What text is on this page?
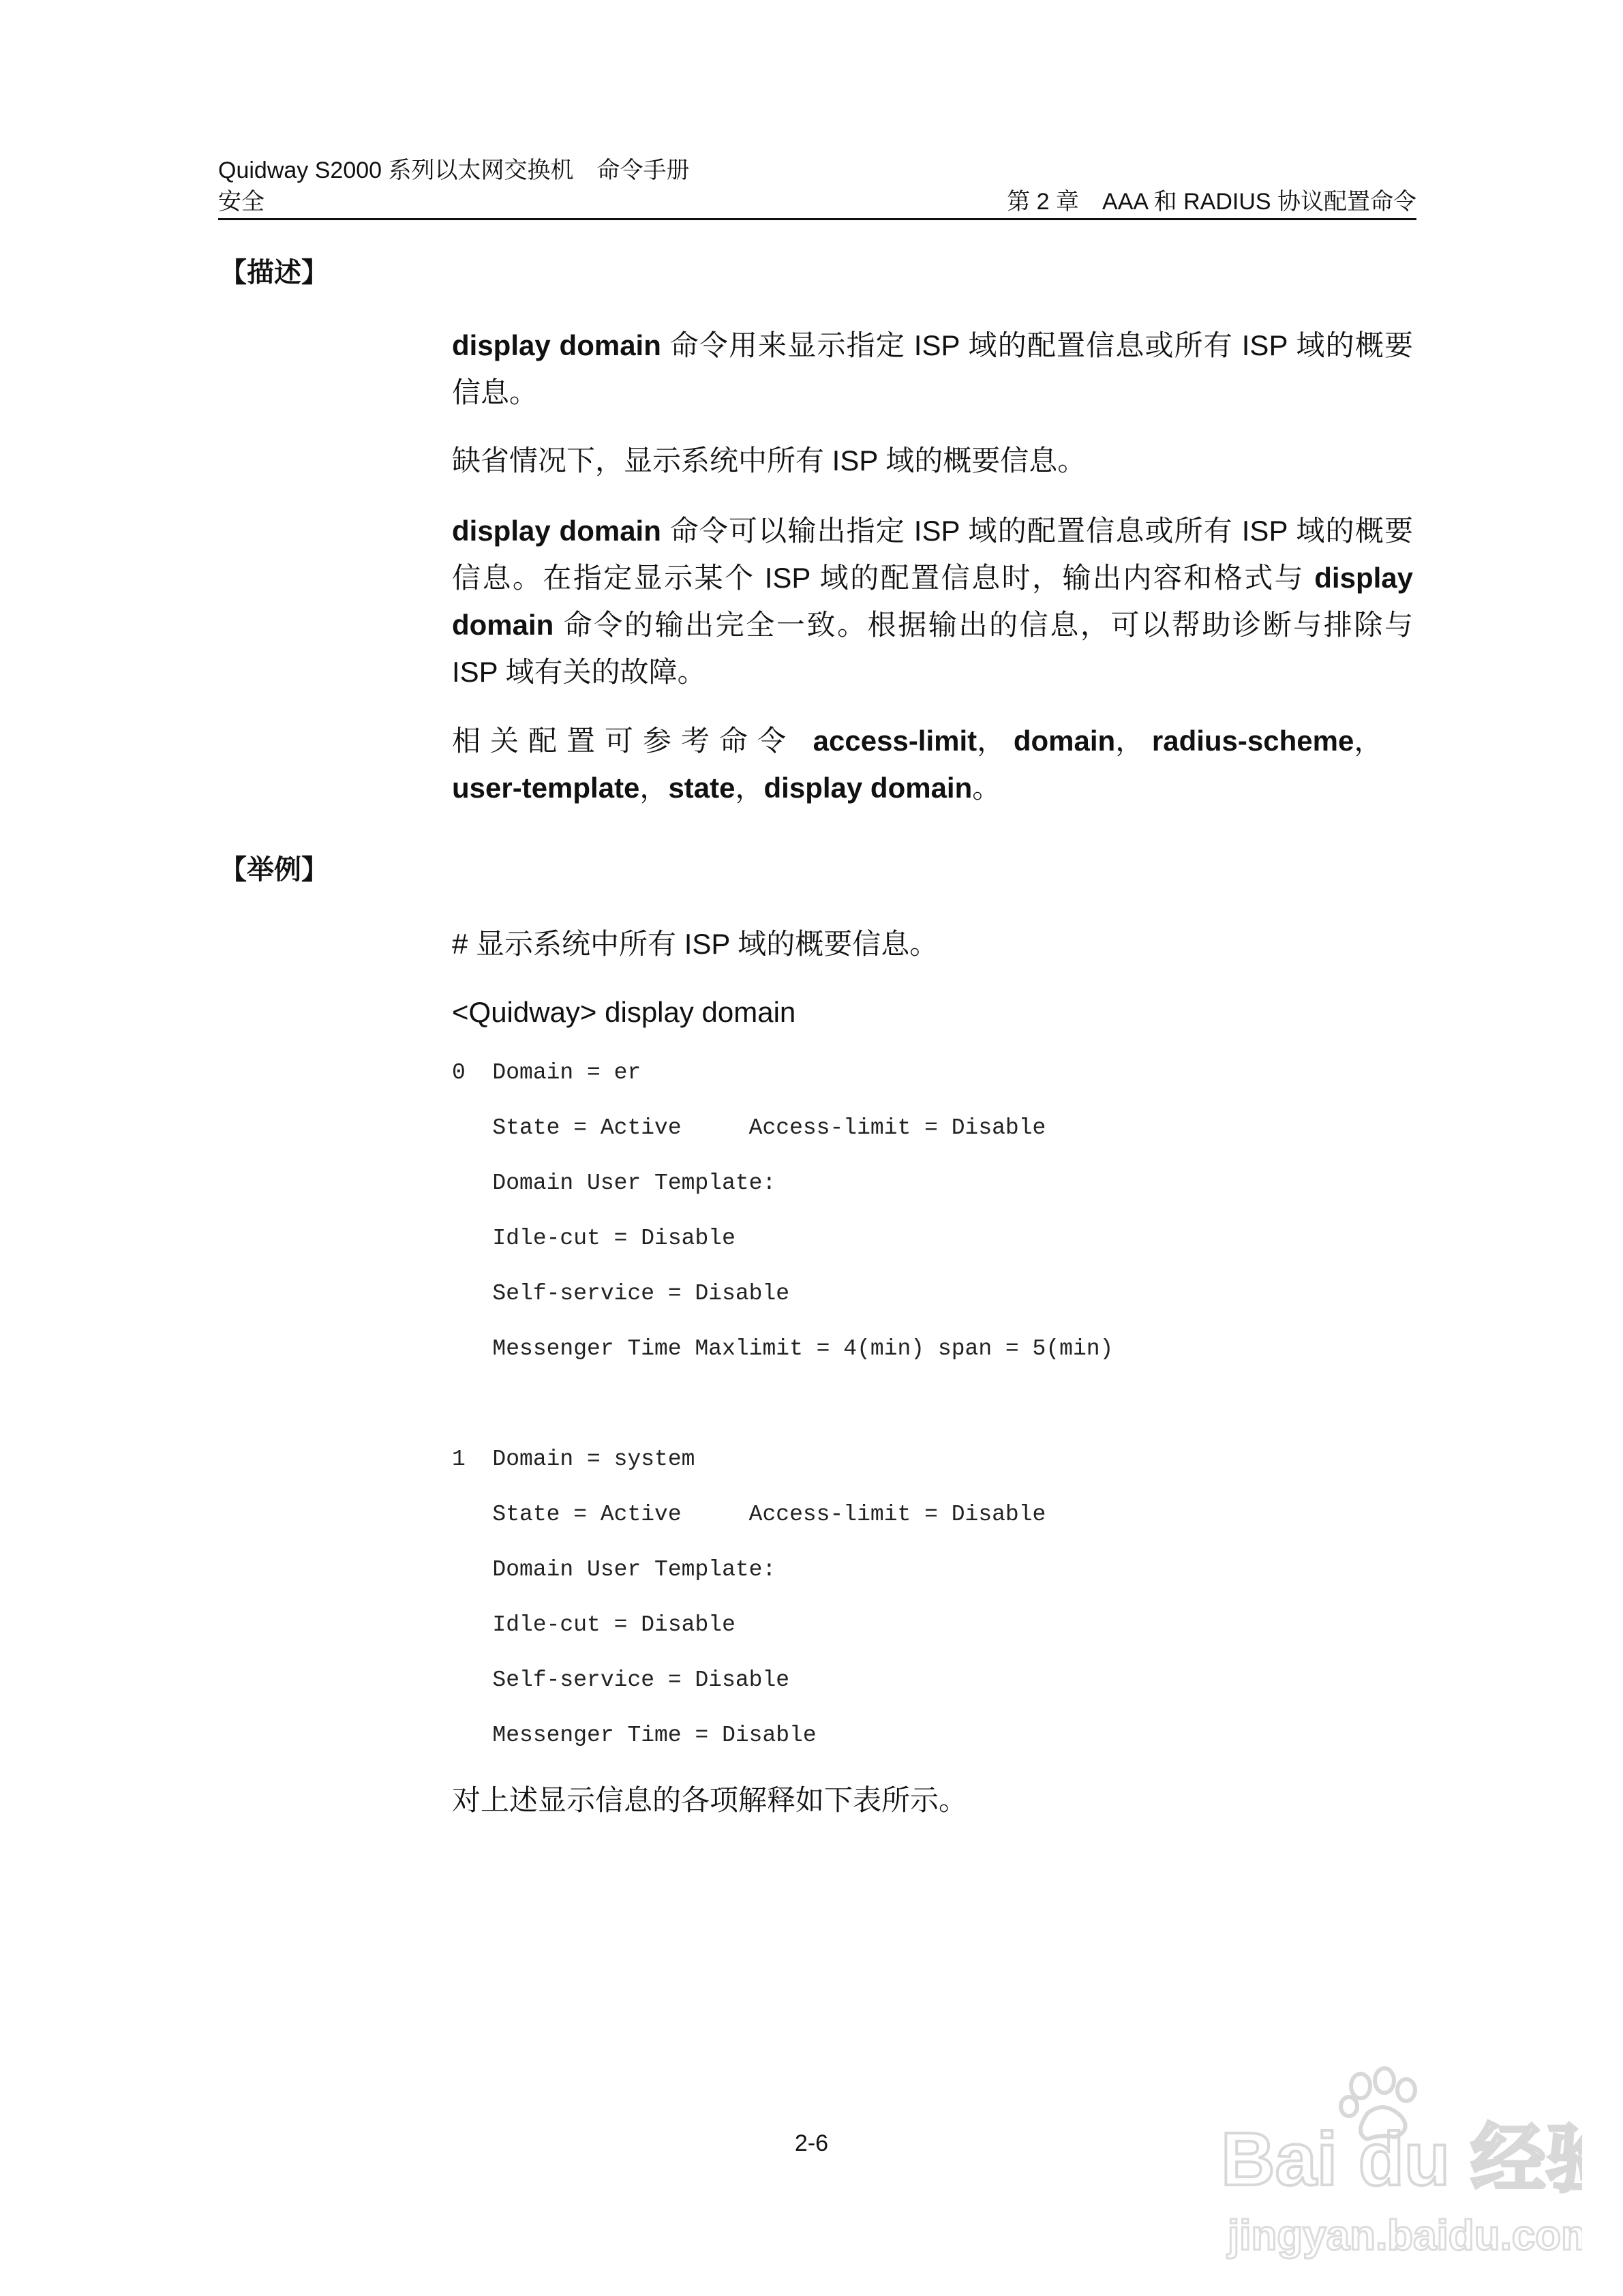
Quidway S2000 系列以太网交换机　命令手册
安全	第 2 章　AAA 和 RADIUS 协议配置命令
【描述】
display domain 命令用来显示指定 ISP 域的配置信息或所有 ISP 域的概要信息。
缺省情况下，显示系统中所有 ISP 域的概要信息。
display domain 命令可以输出指定 ISP 域的配置信息或所有 ISP 域的概要信息。在指定显示某个 ISP 域的配置信息时，输出内容和格式与 display domain 命令的输出完全一致。根据输出的信息，可以帮助诊断与排除与 ISP 域有关的故障。
相关配置可参考命令 access-limit， domain， radius-scheme，
user-template，state，display domain。
【举例】
# 显示系统中所有 ISP 域的概要信息。
<Quidway> display domain
0  Domain = er
State = Active     Access-limit = Disable
Domain User Template:
Idle-cut = Disable
Self-service = Disable
Messenger Time Maxlimit = 4(min) span = 5(min)
1  Domain = system
State = Active     Access-limit = Disable
Domain User Template:
Idle-cut = Disable
Self-service = Disable
Messenger Time = Disable
对上述显示信息的各项解释如下表所示。
2-6	Bai du 经验
jingyan.baidu.com
